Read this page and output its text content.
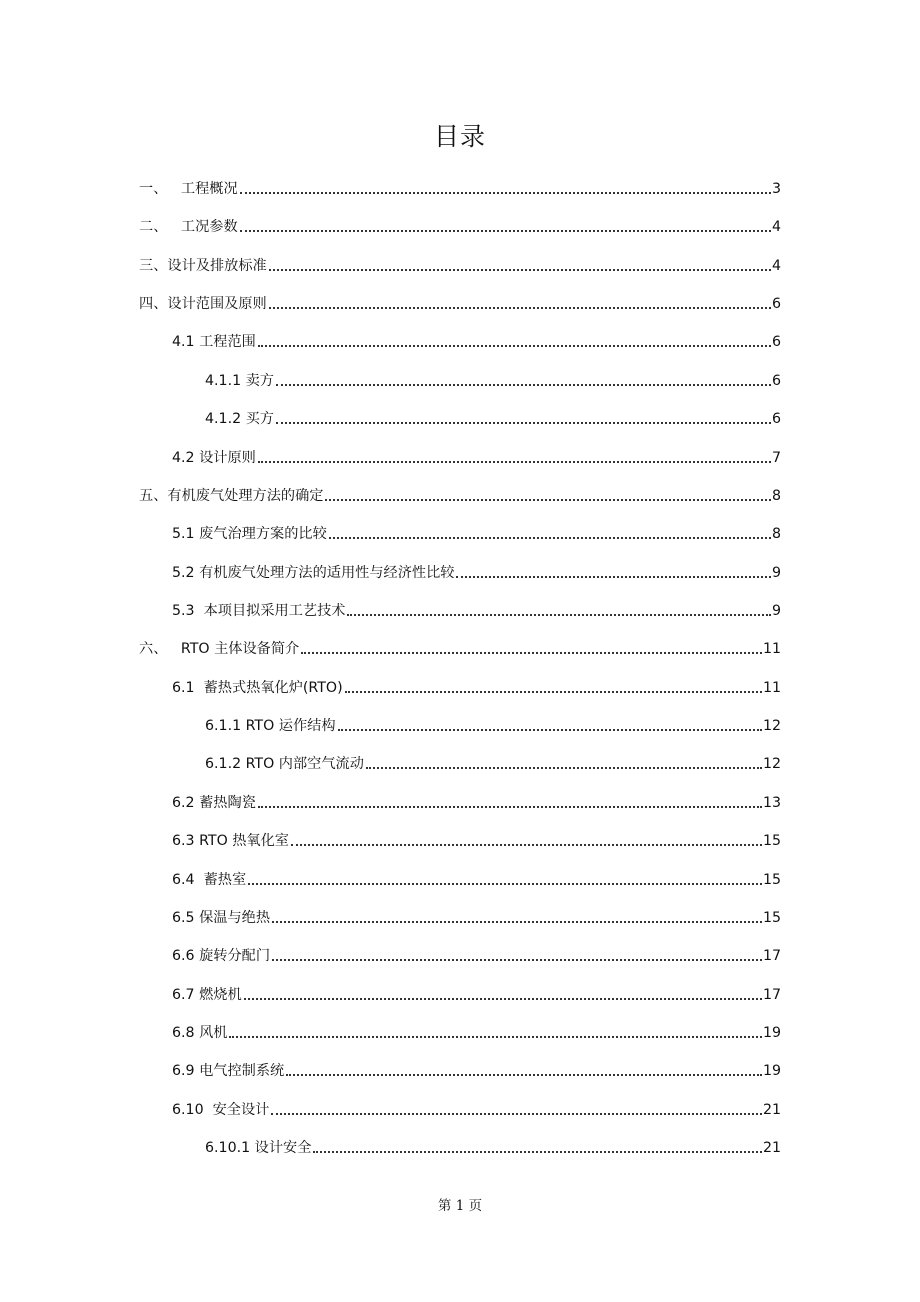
目录
一、   工程概况	3
二、   工况参数	4
三、设计及排放标准	4
四、设计范围及原则	6
4.1 工程范围	6
4.1.1 卖方	6
4.1.2 买方	6
4.2 设计原则	7
五、有机废气处理方法的确定	8
5.1 废气治理方案的比较	8
5.2 有机废气处理方法的适用性与经济性比较	9
5.3  本项目拟采用工艺技术	9
六、   RTO 主体设备简介	11
6.1  蓄热式热氧化炉(RTO)	11
6.1.1 RTO 运作结构	12
6.1.2 RTO 内部空气流动	12
6.2 蓄热陶瓷	13
6.3 RTO 热氧化室	15
6.4  蓄热室	15
6.5 保温与绝热	15
6.6 旋转分配门	17
6.7 燃烧机	17
6.8 风机	19
6.9 电气控制系统	19
6.10  安全设计	21
6.10.1 设计安全	21
第 1 页
